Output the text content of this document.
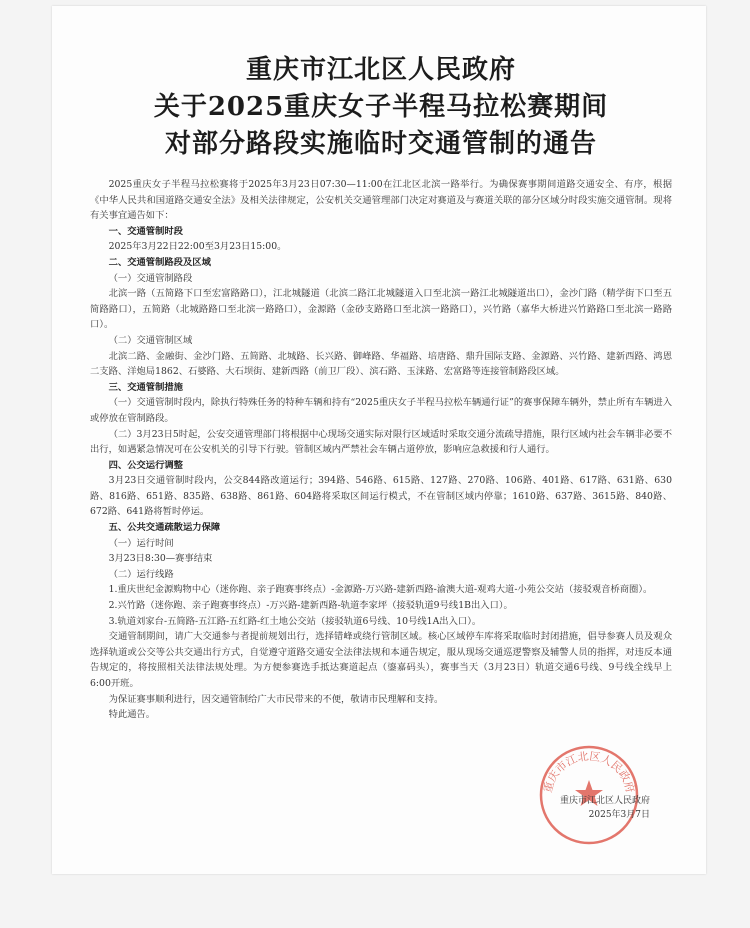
重庆市江北区人民政府
关于2025重庆女子半程马拉松赛期间
对部分路段实施临时交通管制的通告

2025重庆女子半程马拉松赛将于2025年3月23日07:30—11:00在江北区北滨一路举行。为确保赛事期间道路交通安全、有序，根据《中华人民共和国道路交通安全法》及相关法律规定，公安机关交通管理部门决定对赛道及与赛道关联的部分区域分时段实施交通管制。现将有关事宜通告如下：

一、交通管制时段

2025年3月22日22:00至3月23日15:00。

二、交通管制路段及区域

（一）交通管制路段

北滨一路（五简路下口至宏富路路口），江北城隧道（北滨二路江北城隧道入口至北滨一路江北城隧道出口），金沙门路（精学街下口至五简路路口），五简路（北城路路口至北滨一路路口），金源路（金砂支路路口至北滨一路路口），兴竹路（嘉华大桥进兴竹路路口至北滨一路路口）。

（二）交通管制区域

北滨二路、金融街、金沙门路、五简路、北城路、长兴路、御峰路、华福路、培唐路、鼎升国际支路、金源路、兴竹路、建新西路、鸿恩二支路、洋炮局1862、石婆路、大石坝街、建新西路（前卫厂段）、滨石路、玉涞路、宏富路等连接管制路段区域。

三、交通管制措施

（一）交通管制时段内，除执行特殊任务的特种车辆和持有“2025重庆女子半程马拉松车辆通行证”的赛事保障车辆外，禁止所有车辆进入或停放在管制路段。

（二）3月23日5时起，公安交通管理部门将根据中心现场交通实际对限行区域适时采取交通分流疏导措施，限行区域内社会车辆非必要不出行，如遇紧急情况可在公安机关的引导下行驶。管制区域内严禁社会车辆占道停放，影响应急救援和行人通行。

四、公交运行调整

3月23日交通管制时段内，公交844路改道运行；394路、546路、615路、127路、270路、106路、401路、617路、631路、630路、816路、651路、835路、638路、861路、604路将采取区间运行模式，不在管制区域内停靠；1610路、637路、3615路、840路、672路、641路将暂时停运。

五、公共交通疏散运力保障

（一）运行时间

3月23日8:30—赛事结束

（二）运行线路

1.重庆世纪金源购物中心（迷你跑、亲子跑赛事终点）-金源路-万兴路-建新西路-渝澳大道-观鸡大道-小苑公交站（接驳观音桥商圈）。

2.兴竹路（迷你跑、亲子跑赛事终点）-万兴路-建新西路-轨道李家坪（接驳轨道9号线1B出入口）。

3.轨道刘家台-五简路-五江路-五红路-红土地公交站（接驳轨道6号线、10号线1A出入口）。

交通管制期间，请广大交通参与者提前规划出行，选择错峰或绕行管制区域。核心区域停车库将采取临时封闭措施，倡导参赛人员及观众选择轨道或公交等公共交通出行方式，自觉遵守道路交通安全法律法规和本通告规定，服从现场交通巡逻警察及辅警人员的指挥，对违反本通告规定的，将按照相关法律法规处理。为方便参赛选手抵达赛道起点（鎏嘉码头），赛事当天（3月23日）轨道交通6号线、9号线全线早上6:00开班。

为保证赛事顺利进行，因交通管制给广大市民带来的不便，敬请市民理解和支持。

特此通告。

重庆市江北区人民政府
重庆市江北区人民政府
2025年3月7日
